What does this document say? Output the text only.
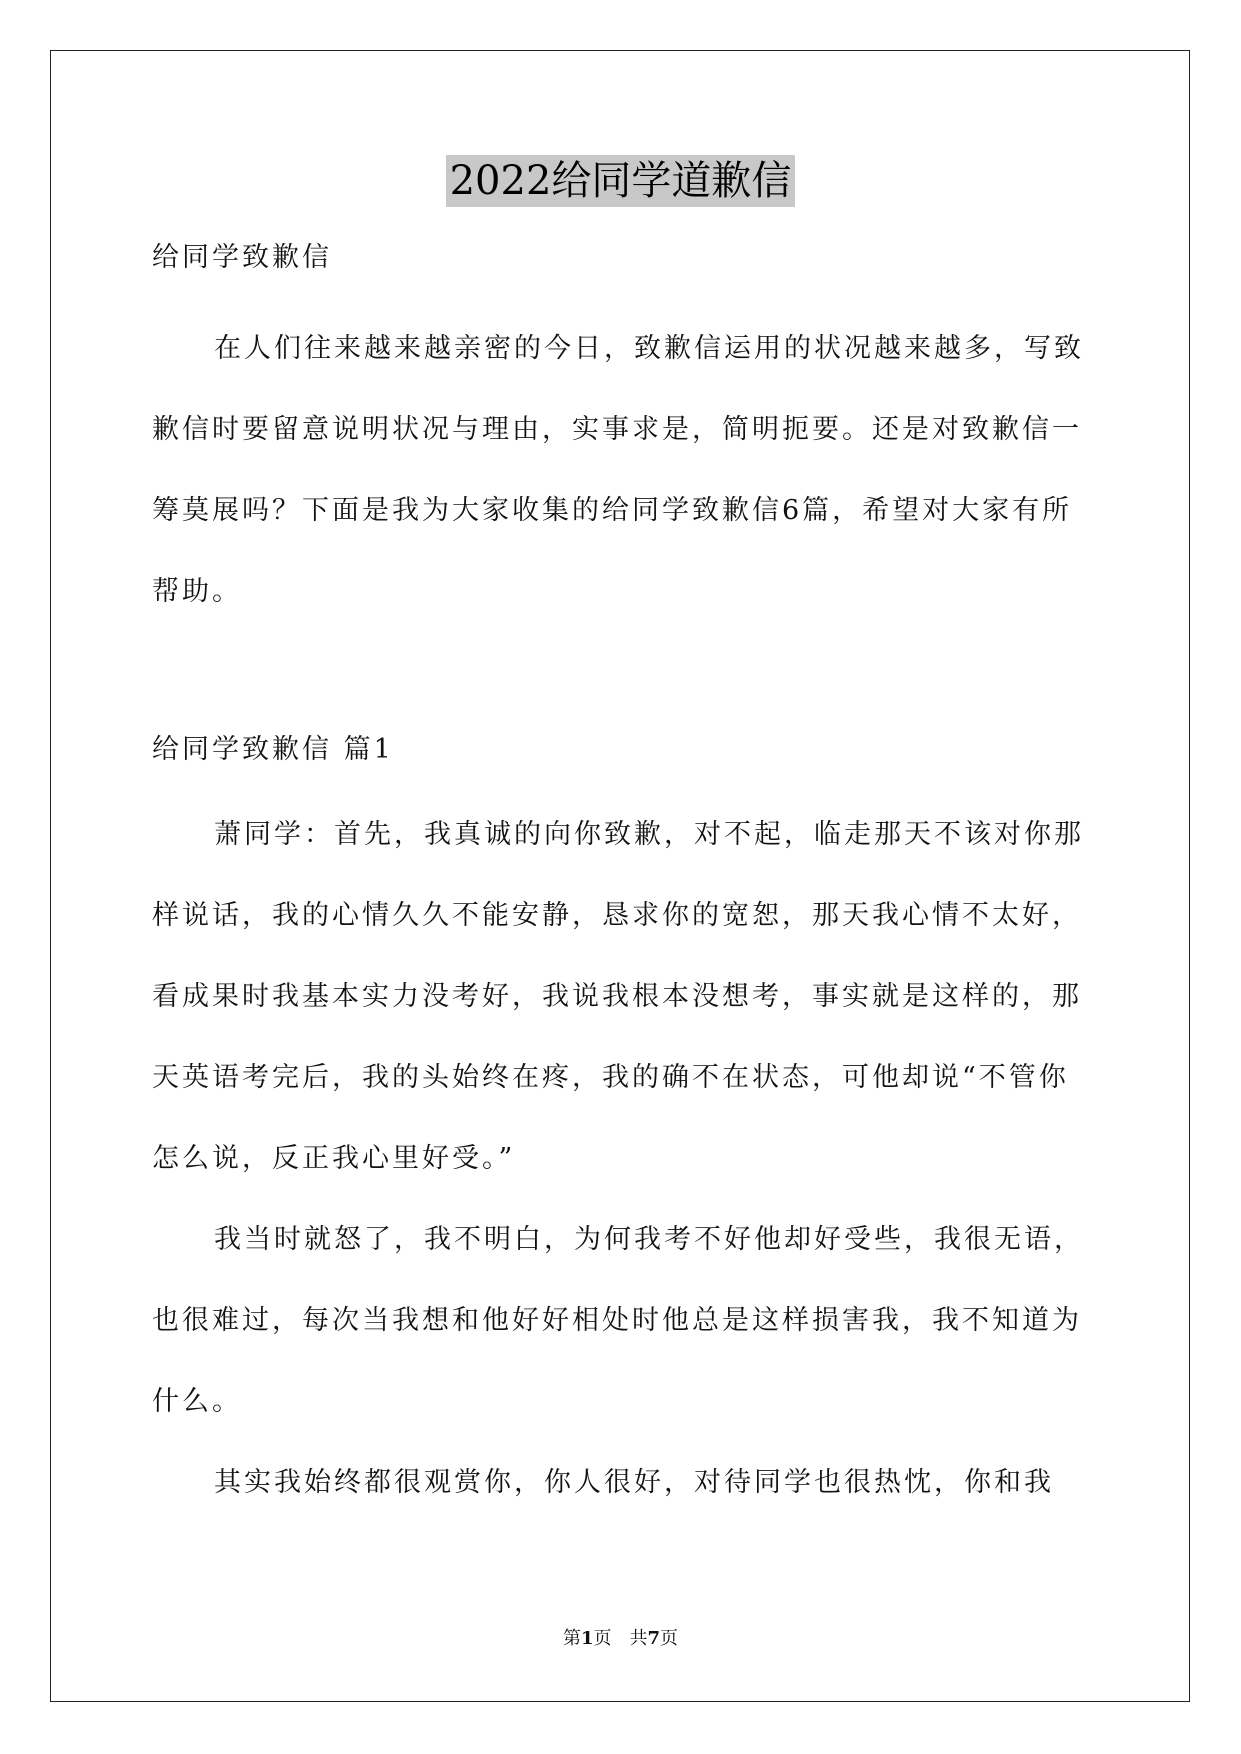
2022给同学道歉信
给同学致歉信
在人们往来越来越亲密的今日，致歉信运用的状况越来越多，写致歉信时要留意说明状况与理由，实事求是，简明扼要。还是对致歉信一筹莫展吗？下面是我为大家收集的给同学致歉信6篇，希望对大家有所帮助。
给同学致歉信 篇1
萧同学：首先，我真诚的向你致歉，对不起，临走那天不该对你那样说话，我的心情久久不能安静，恳求你的宽恕，那天我心情不太好，看成果时我基本实力没考好，我说我根本没想考，事实就是这样的，那天英语考完后，我的头始终在疼，我的确不在状态，可他却说“不管你怎么说，反正我心里好受。”
我当时就怒了，我不明白，为何我考不好他却好受些，我很无语，也很难过，每次当我想和他好好相处时他总是这样损害我，我不知道为什么。
其实我始终都很观赏你，你人很好，对待同学也很热忱，你和我
第1页　共7页
